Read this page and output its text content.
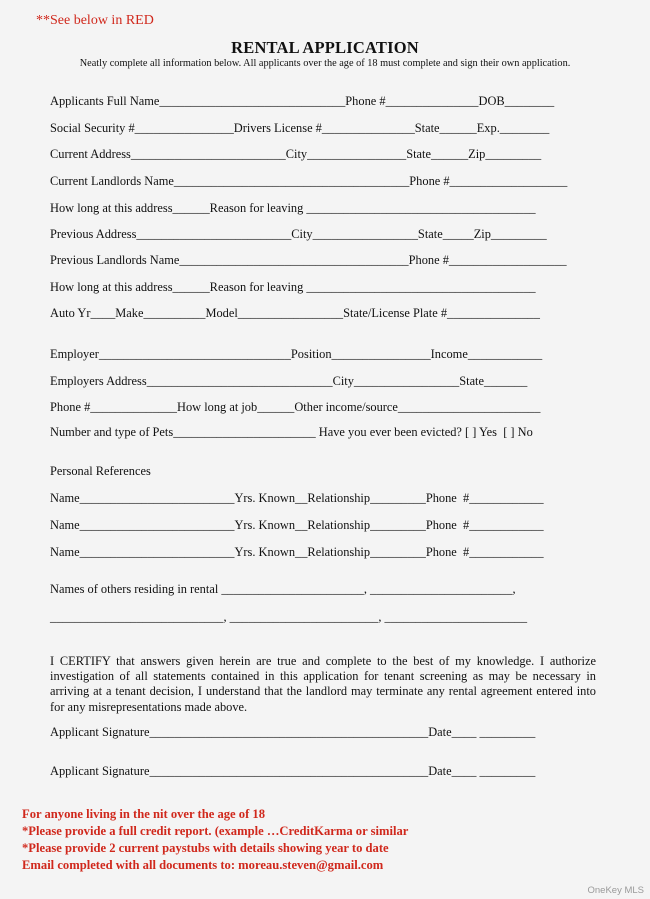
**See below in RED
RENTAL APPLICATION
Neatly complete all information below. All applicants over the age of 18 must complete and sign their own application.
Applicants Full Name______________________________Phone #_______________DOB________
Social Security #________________Drivers License #_______________State______Exp.________
Current Address_________________________City________________State______Zip_________
Current Landlords Name______________________________________Phone #___________________
How long at this address______Reason for leaving _____________________________________
Previous Address_________________________City_________________State_____Zip_________
Previous Landlords Name_____________________________________Phone #___________________
How long at this address______Reason for leaving _____________________________________
Auto Yr____Make__________Model_________________State/License Plate #_______________
Employer_______________________________Position________________Income____________
Employers Address______________________________City_________________State_______
Phone #______________How long at job______Other income/source_______________________
Number and type of Pets_______________________ Have you ever been evicted? [ ] Yes  [ ] No
Personal References
Name_________________________Yrs. Known__Relationship_________Phone  #____________
Name_________________________Yrs. Known__Relationship_________Phone  #____________
Name_________________________Yrs. Known__Relationship_________Phone  #____________
Names of others residing in rental _______________________, _______________________,
____________________________, ________________________, _______________________
I CERTIFY that answers given herein are true and complete to the best of my knowledge. I authorize investigation of all statements contained in this application for tenant screening as may be necessary in arriving at a tenant decision, I understand that the landlord may terminate any rental agreement entered into for any misrepresentations made above.
Applicant Signature_____________________________________________Date____ _________
Applicant Signature_____________________________________________Date____ _________
For anyone living in the nit over the age of 18
*Please provide a full credit report. (example …CreditKarma or similar
*Please provide 2 current paystubs with details showing year to date
Email completed with all documents to: moreau.steven@gmail.com
OneKey MLS
